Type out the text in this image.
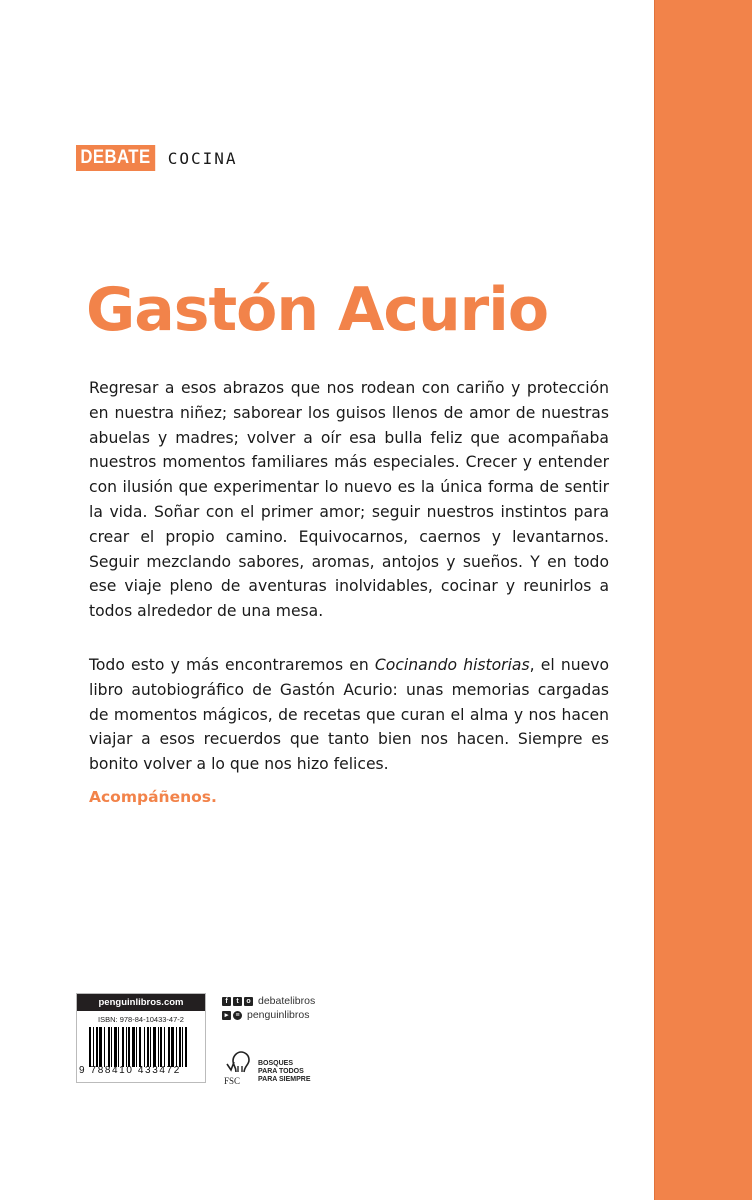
DEBATE COCINA
Gastón Acurio
Regresar a esos abrazos que nos rodean con cariño y protección en nuestra niñez; saborear los guisos llenos de amor de nuestras abuelas y madres; volver a oír esa bulla feliz que acompañaba nuestros momentos familiares más especiales. Crecer y entender con ilusión que experimentar lo nuevo es la única forma de sentir la vida. Soñar con el primer amor; seguir nuestros instintos para crear el propio camino. Equivocarnos, caernos y levantarnos. Seguir mezclando sabores, aromas, antojos y sueños. Y en todo ese viaje pleno de aventuras inolvidables, cocinar y reunirlos a todos alrededor de una mesa.
Todo esto y más encontraremos en Cocinando historias, el nuevo libro autobiográfico de Gastón Acurio: unas memorias cargadas de momentos mágicos, de recetas que curan el alma y nos hacen viajar a esos recuerdos que tanto bien nos hacen. Siempre es bonito volver a lo que nos hizo felices.
Acompáñenos.
penguinlibros.com
ISBN: 978-84-10433-47-2
9 788410 433472
f	t	o debatelibros
▸	≡ penguinlibros
FSC
BOSQUES
PARA TODOS
PARA SIEMPRE
